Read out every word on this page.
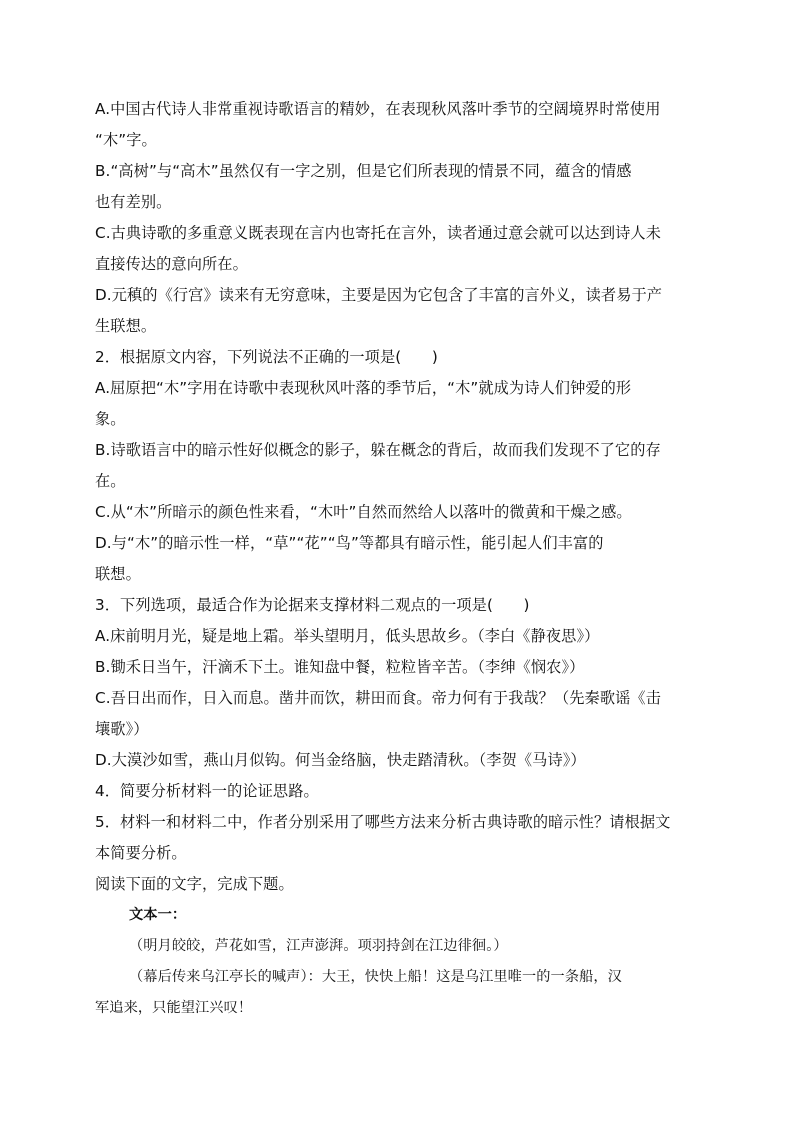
A.中国古代诗人非常重视诗歌语言的精妙，在表现秋风落叶季节的空阔境界时常使用
“木”字。
B.“高树”与“高木”虽然仅有一字之别，但是它们所表现的情景不同，蕴含的情感
也有差别。
C.古典诗歌的多重意义既表现在言内也寄托在言外，读者通过意会就可以达到诗人未
直接传达的意向所在。
D.元稹的《行宫》读来有无穷意味，主要是因为它包含了丰富的言外义，读者易于产
生联想。
2．根据原文内容，下列说法不正确的一项是(　　)
A.屈原把“木”字用在诗歌中表现秋风叶落的季节后，“木”就成为诗人们钟爱的形
象。
B.诗歌语言中的暗示性好似概念的影子，躲在概念的背后，故而我们发现不了它的存
在。
C.从“木”所暗示的颜色性来看，“木叶”自然而然给人以落叶的微黄和干燥之感。
D.与“木”的暗示性一样，“草”“花”“鸟”等都具有暗示性，能引起人们丰富的
联想。
3．下列选项，最适合作为论据来支撑材料二观点的一项是(　　)
A.床前明月光，疑是地上霜。举头望明月，低头思故乡。（李白《静夜思》）
B.锄禾日当午，汗滴禾下土。谁知盘中餐，粒粒皆辛苦。（李绅《悯农》）
C.吾日出而作，日入而息。凿井而饮，耕田而食。帝力何有于我哉？（先秦歌谣《击
壤歌》）
D.大漠沙如雪，燕山月似钩。何当金络脑，快走踏清秋。（李贺《马诗》）
4．简要分析材料一的论证思路。
5．材料一和材料二中，作者分别采用了哪些方法来分析古典诗歌的暗示性？请根据文
本简要分析。
阅读下面的文字，完成下题。
文本一：
（明月皎皎，芦花如雪，江声澎湃。项羽持剑在江边徘徊。）
（幕后传来乌江亭长的喊声）：大王，快快上船！这是乌江里唯一的一条船，汉
军追来，只能望江兴叹！
